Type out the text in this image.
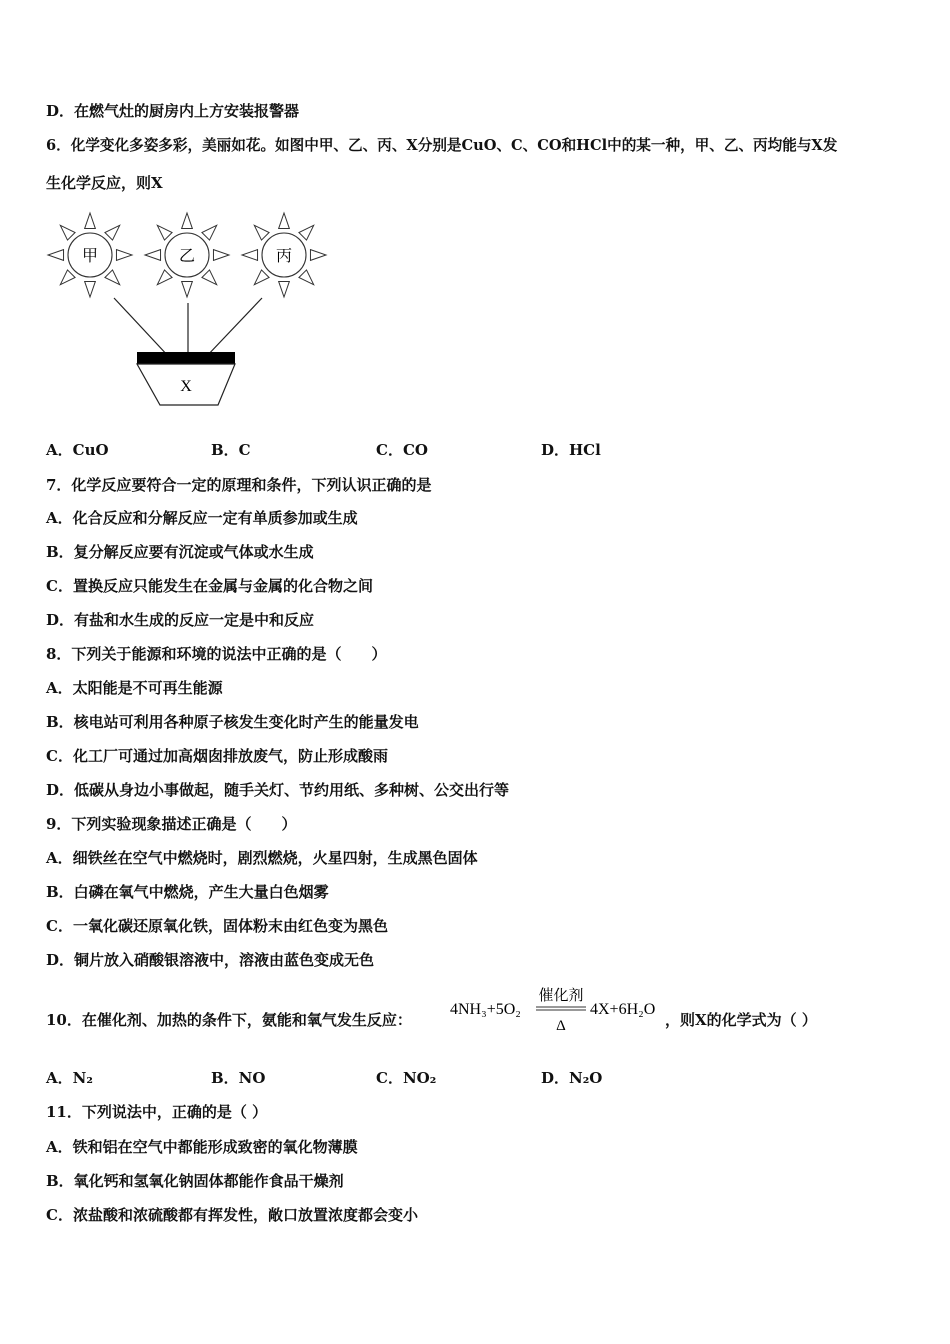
D．在燃气灶的厨房内上方安装报警器
6．化学变化多姿多彩，美丽如花。如图中甲、乙、丙、X分别是CuO、C、CO和HCl中的某一种，甲、乙、丙均能与X发
生化学反应，则X
甲	乙	丙
X
A．CuO	B．C	C．CO	D．HCl
7．化学反应要符合一定的原理和条件，下列认识正确的是
A．化合反应和分解反应一定有单质参加或生成
B．复分解反应要有沉淀或气体或水生成
C．置换反应只能发生在金属与金属的化合物之间
D．有盐和水生成的反应一定是中和反应
8．下列关于能源和环境的说法中正确的是（　　）
A．太阳能是不可再生能源
B．核电站可利用各种原子核发生变化时产生的能量发电
C．化工厂可通过加高烟囱排放废气，防止形成酸雨
D．低碳从身边小事做起，随手关灯、节约用纸、多种树、公交出行等
9．下列实验现象描述正确是（　　）
A．细铁丝在空气中燃烧时，剧烈燃烧，火星四射，生成黑色固体
B．白磷在氧气中燃烧，产生大量白色烟雾
C．一氧化碳还原氧化铁，固体粉末由红色变为黑色
D．铜片放入硝酸银溶液中，溶液由蓝色变成无色
10．在催化剂、加热的条件下，氨能和氧气发生反应：
4NH₃+5O₂
催化剂
Δ
4X+6H₂O
，则X的化学式为（ ）
A．N₂	B．NO	C．NO₂	D．N₂O
11．下列说法中，正确的是（ ）
A．铁和铝在空气中都能形成致密的氧化物薄膜
B．氧化钙和氢氧化钠固体都能作食品干燥剂
C．浓盐酸和浓硫酸都有挥发性，敞口放置浓度都会变小
